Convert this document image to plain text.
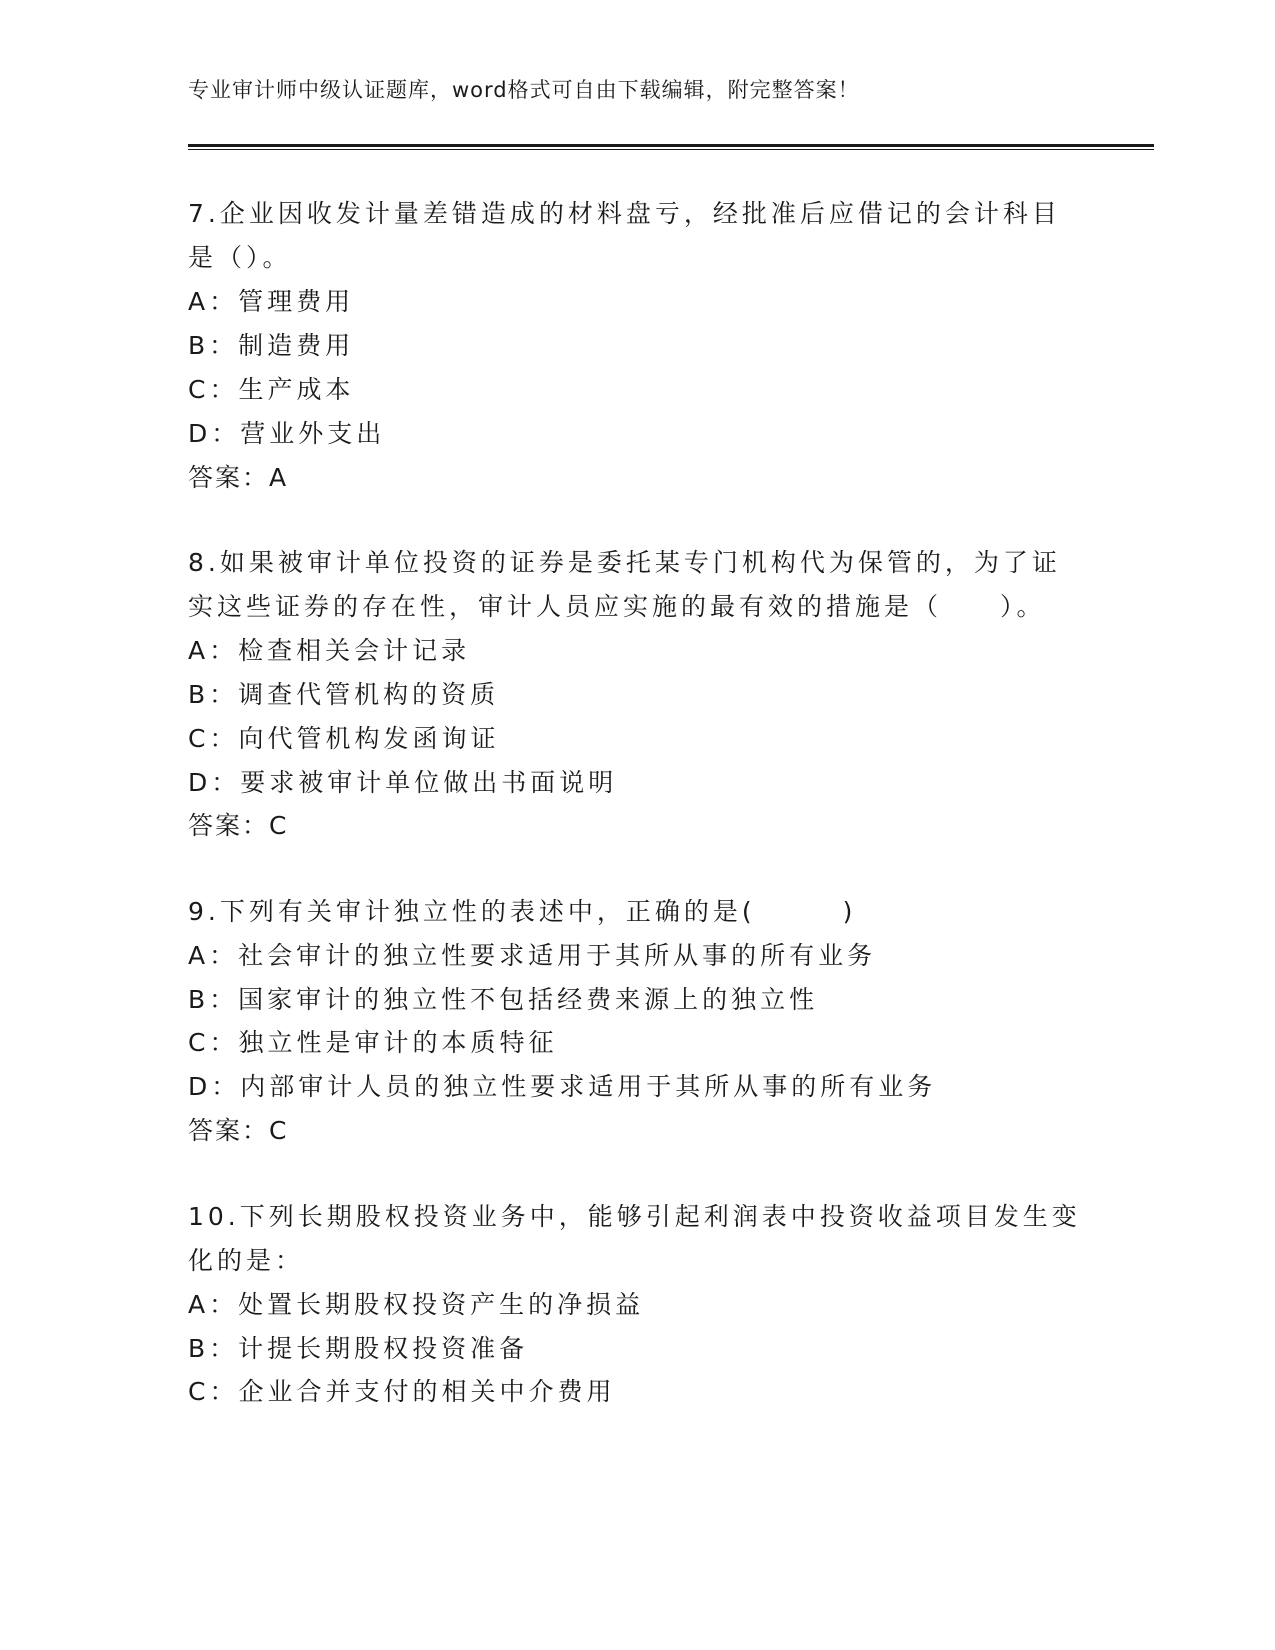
专业审计师中级认证题库，word格式可自由下载编辑，附完整答案！
7.企业因收发计量差错造成的材料盘亏，经批准后应借记的会计科目
是（）。
A：管理费用
B：制造费用
C：生产成本
D：营业外支出
答案：A
8.如果被审计单位投资的证券是委托某专门机构代为保管的，为了证
实这些证券的存在性，审计人员应实施的最有效的措施是（　　）。
A：检查相关会计记录
B：调查代管机构的资质
C：向代管机构发函询证
D：要求被审计单位做出书面说明
答案：C
9.下列有关审计独立性的表述中，正确的是(　　　)
A：社会审计的独立性要求适用于其所从事的所有业务
B：国家审计的独立性不包括经费来源上的独立性
C：独立性是审计的本质特征
D：内部审计人员的独立性要求适用于其所从事的所有业务
答案：C
10.下列长期股权投资业务中，能够引起利润表中投资收益项目发生变
化的是：
A：处置长期股权投资产生的净损益
B：计提长期股权投资准备
C：企业合并支付的相关中介费用
